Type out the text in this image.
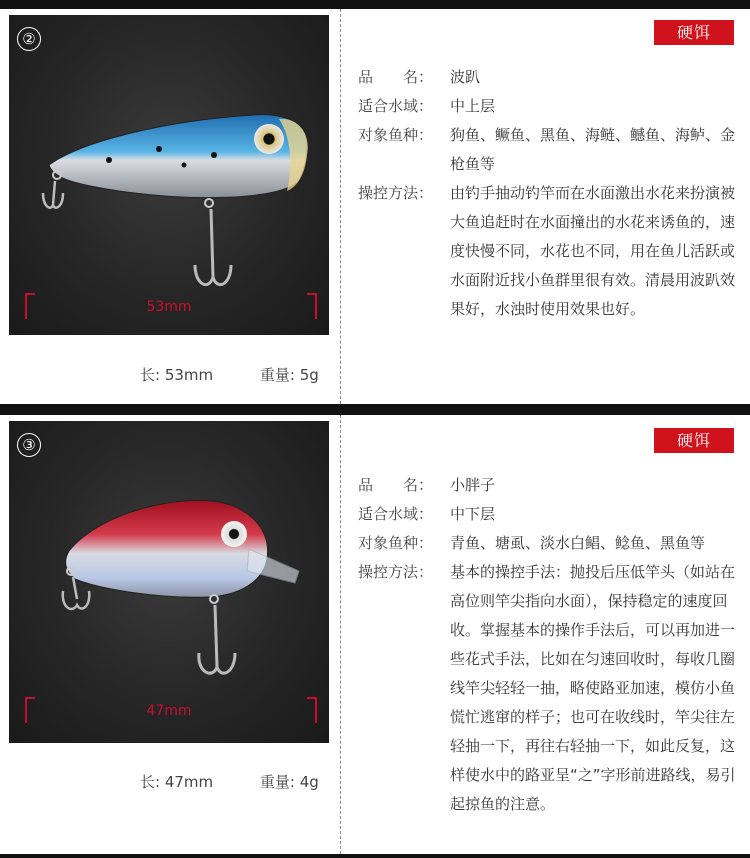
②
53mm
长: 53mm	重量: 5g
硬饵
品　　名：	波趴
适合水域：	中上层
对象鱼种：	狗鱼、鳜鱼、黑鱼、海鲢、鳡鱼、海鲈、金枪鱼等
操控方法：	由钓手抽动钓竿而在水面激出水花来扮演被大鱼追赶时在水面撞出的水花来诱鱼的，速度快慢不同，水花也不同，用在鱼儿活跃或水面附近找小鱼群里很有效。清晨用波趴效果好，水浊时使用效果也好。
③
47mm
长: 47mm	重量: 4g
硬饵
品　　名：	小胖子
适合水域：	中下层
对象鱼种：	青鱼、塘虱、淡水白鲳、鲶鱼、黑鱼等
操控方法：	基本的操控手法：抛投后压低竿头（如站在高位则竿尖指向水面），保持稳定的速度回收。掌握基本的操作手法后，可以再加进一些花式手法，比如在匀速回收时，每收几圈线竿尖轻轻一抽，略使路亚加速，模仿小鱼慌忙逃窜的样子；也可在收线时，竿尖往左轻抽一下，再往右轻抽一下，如此反复，这样使水中的路亚呈“之”字形前进路线，易引起掠鱼的注意。
